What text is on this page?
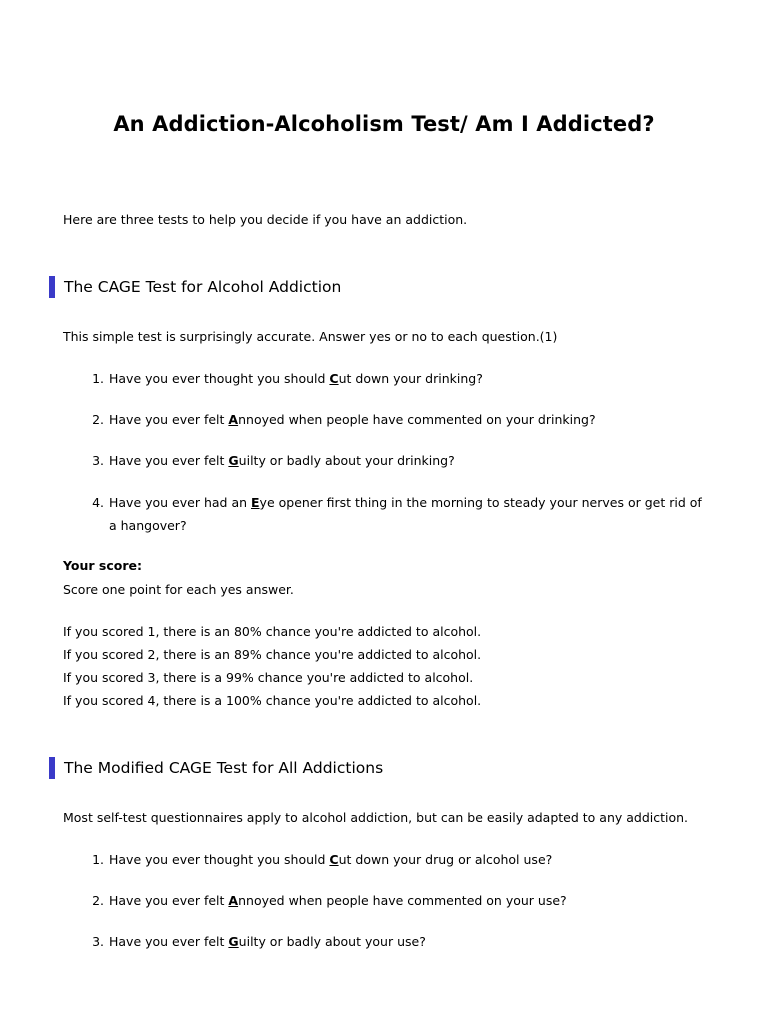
An Addiction-Alcoholism Test/ Am I Addicted?

Here are three tests to help you decide if you have an addiction.

The CAGE Test for Alcohol Addiction

This simple test is surprisingly accurate. Answer yes or no to each question.(1)

1. Have you ever thought you should Cut down your drinking?
2. Have you ever felt Annoyed when people have commented on your drinking?
3. Have you ever felt Guilty or badly about your drinking?
4. Have you ever had an Eye opener first thing in the morning to steady your nerves or get rid of a hangover?

Your score:

Score one point for each yes answer.

If you scored 1, there is an 80% chance you're addicted to alcohol.

If you scored 2, there is an 89% chance you're addicted to alcohol.

If you scored 3, there is a 99% chance you're addicted to alcohol.

If you scored 4, there is a 100% chance you're addicted to alcohol.

The Modified CAGE Test for All Addictions

Most self-test questionnaires apply to alcohol addiction, but can be easily adapted to any addiction.

1. Have you ever thought you should Cut down your drug or alcohol use?
2. Have you ever felt Annoyed when people have commented on your use?
3. Have you ever felt Guilty or badly about your use?
